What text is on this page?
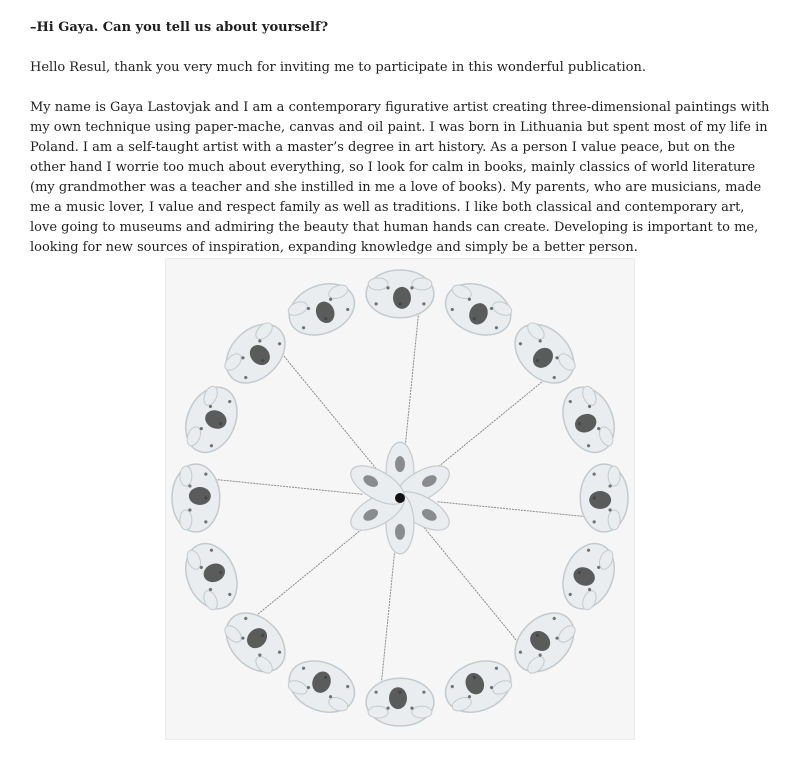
–Hi Gaya. Can you tell us about yourself?

Hello Resul, thank you very much for inviting me to participate in this wonderful publication.

My name is Gaya Lastovjak and I am a contemporary figurative artist creating three-dimensional paintings with my own technique using paper-mache, canvas and oil paint. I was born in Lithuania but spent most of my life in Poland. I am a self-taught artist with a master’s degree in art history. As a person I value peace, but on the other hand I worrie too much about everything, so I look for calm in books, mainly classics of world literature (my grandmother was a teacher and she instilled in me a love of books). My parents, who are musicians, made me a music lover, I value and respect family as well as traditions. I like both classical and contemporary art, love going to museums and admiring the beauty that human hands can create. Developing is important to me, looking for new sources of inspiration, expanding knowledge and simply be a better person.
